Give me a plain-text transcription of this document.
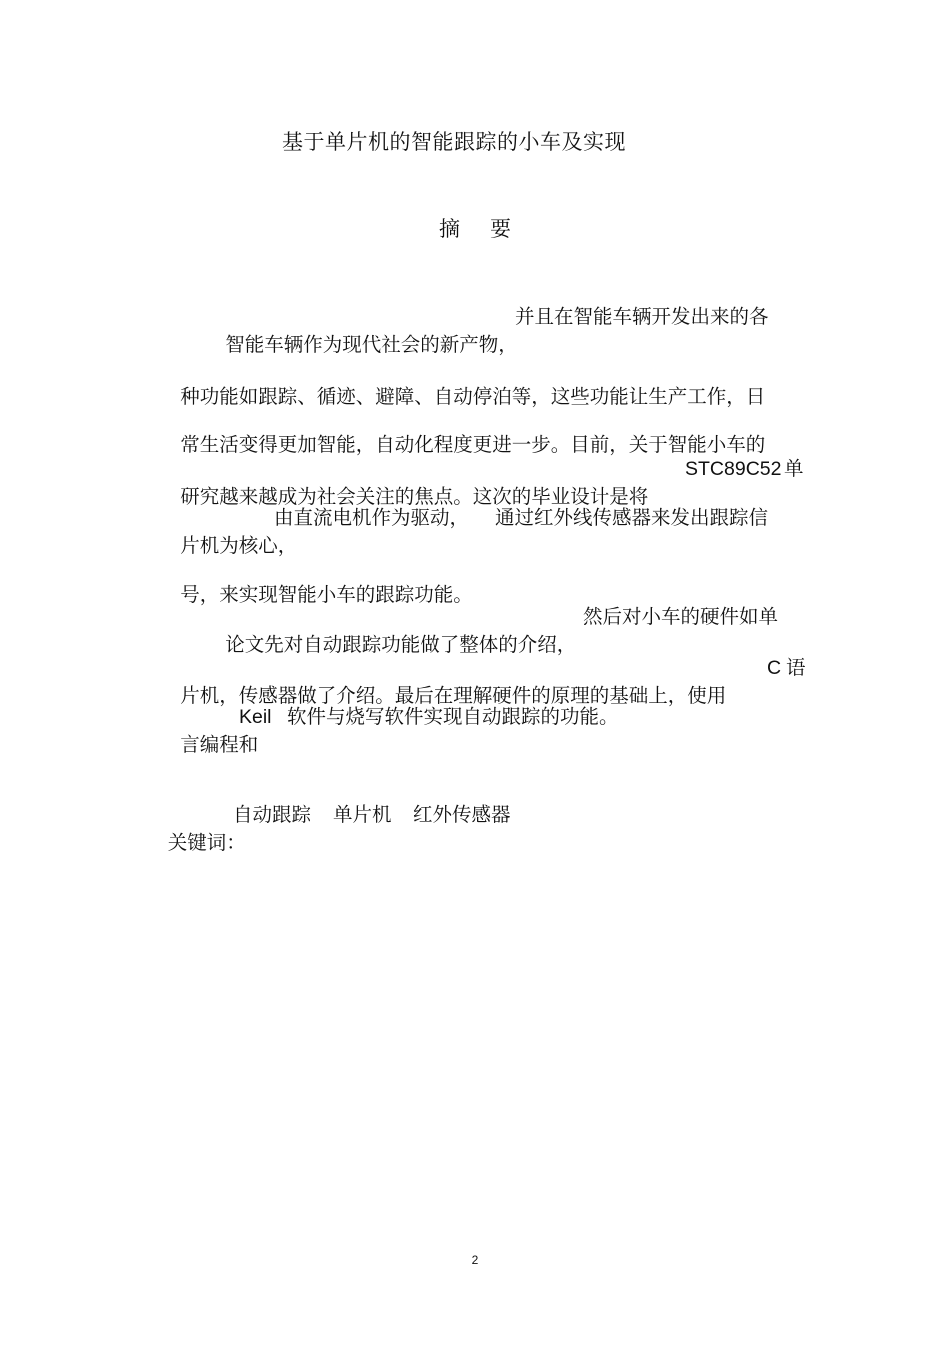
基于单片机的智能跟踪的小车及实现
摘要

智能车辆作为现代社会的新产物，

并且在智能车辆开发出来的各

种功能如跟踪、循迹、避障、自动停泊等，这些功能让生产工作，日

常生活变得更加智能，自动化程度更进一步。目前，关于智能小车的

研究越来越成为社会关注的焦点。这次的毕业设计是将

STC89C52

单

片机为核心，

由直流电机作为驱动，

通过红外线传感器来发出跟踪信

号，来实现智能小车的跟踪功能。

论文先对自动跟踪功能做了整体的介绍，

然后对小车的硬件如单

片机，传感器做了介绍。最后在理解硬件的原理的基础上，使用

C

语

言编程和

Keil

软件与烧写软件实现自动跟踪的功能。

关键词：

自动跟踪

单片机

红外传感器

2
